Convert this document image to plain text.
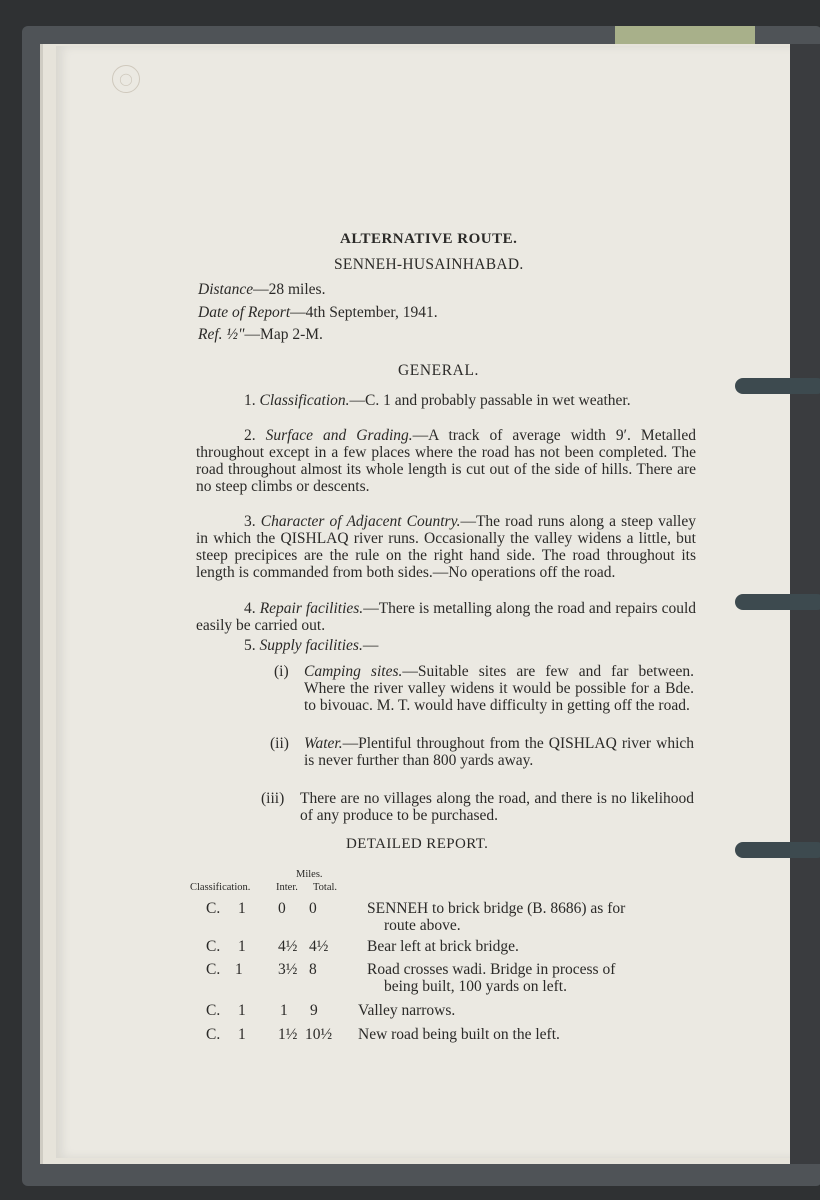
◯
ALTERNATIVE ROUTE.
SENNEH-HUSAINHABAD.
Distance—28 miles.
Date of Report—4th September, 1941.
Ref. ½"—Map 2-M.
GENERAL.
1. Classification.—C. 1 and probably passable in wet weather.
2. Surface and Grading.—A track of average width 9′. Metalled throughout except in a few places where the road has not been completed. The road throughout almost its whole length is cut out of the side of hills. There are no steep climbs or descents.
3. Character of Adjacent Country.—The road runs along a steep valley in which the QISHLAQ river runs. Occasionally the valley widens a little, but steep precipices are the rule on the right hand side. The road throughout its length is commanded from both sides.—No operations off the road.
4. Repair facilities.—There is metalling along the road and repairs could easily be carried out.
5. Supply facilities.—
(i) Camping sites.—Suitable sites are few and far between. Where the river valley widens it would be possible for a Bde. to bivouac. M. T. would have difficulty in getting off the road.
(ii) Water.—Plentiful throughout from the QISHLAQ river which is never further than 800 yards away.
(iii) There are no villages along the road, and there is no likelihood of any produce to be purchased.
DETAILED REPORT.
Miles.
Classification. Inter. Total.
C. 1 0 0	SENNEH to brick bridge (B. 8686) as for
route above.
C. 1 4½ 4½ Bear left at brick bridge.
C. 1 3½ 8	Road crosses wadi. Bridge in process of
being built, 100 yards on left.
C. 1 1 9	Valley narrows.
C. 1 1½ 10½ New road being built on the left.
